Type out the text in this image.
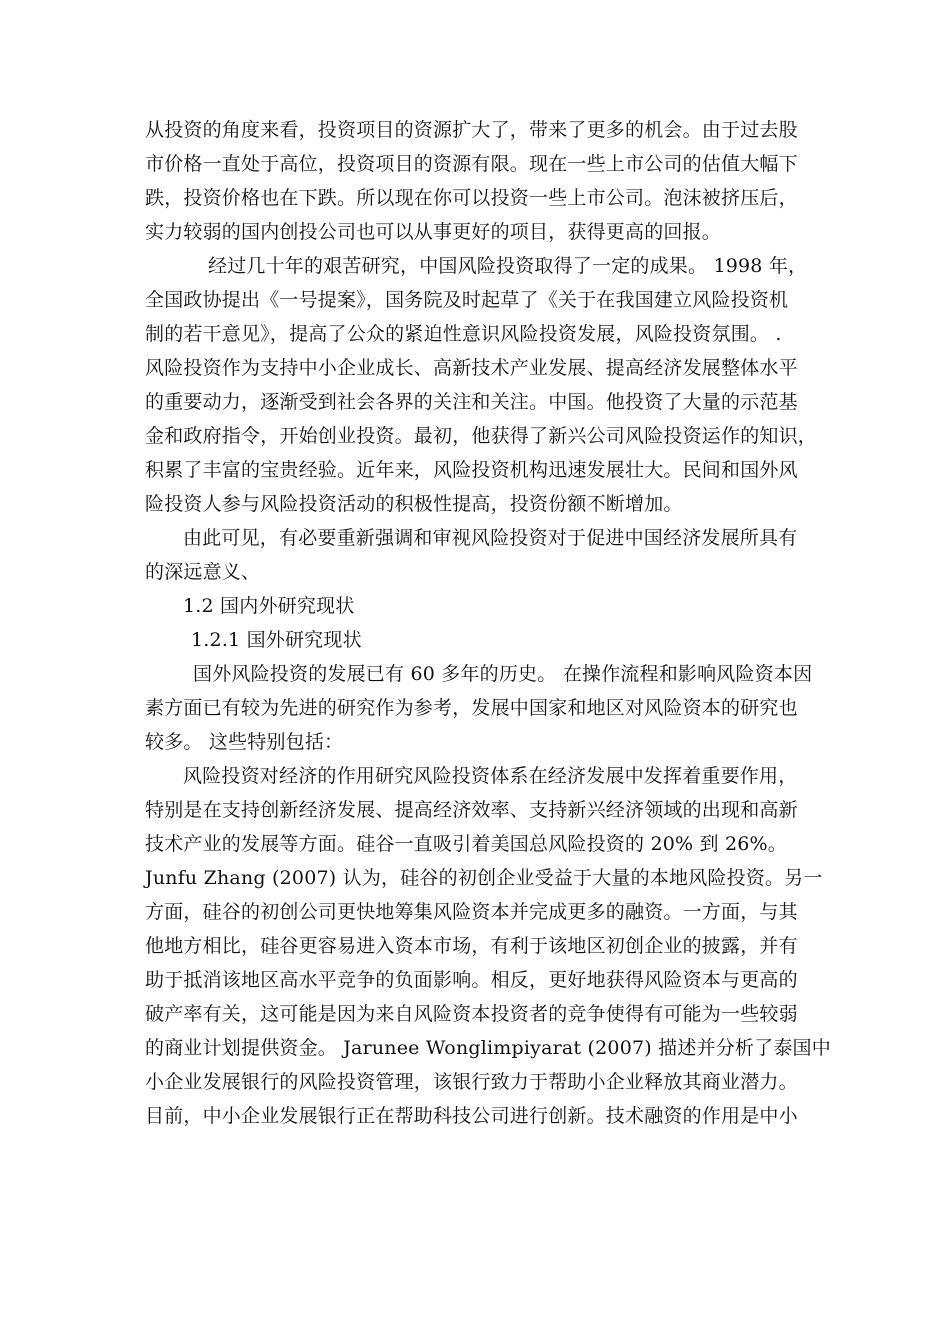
从投资的角度来看，投资项目的资源扩大了，带来了更多的机会。由于过去股
市价格一直处于高位，投资项目的资源有限。现在一些上市公司的估值大幅下
跌，投资价格也在下跌。所以现在你可以投资一些上市公司。泡沫被挤压后，
实力较弱的国内创投公司也可以从事更好的项目，获得更高的回报。
经过几十年的艰苦研究，中国风险投资取得了一定的成果。 1998 年，
全国政协提出《一号提案》，国务院及时起草了《关于在我国建立风险投资机
制的若干意见》，提高了公众的紧迫性意识风险投资发展，风险投资氛围。 .
风险投资作为支持中小企业成长、高新技术产业发展、提高经济发展整体水平
的重要动力，逐渐受到社会各界的关注和关注。中国。他投资了大量的示范基
金和政府指令，开始创业投资。最初，他获得了新兴公司风险投资运作的知识，
积累了丰富的宝贵经验。近年来，风险投资机构迅速发展壮大。民间和国外风
险投资人参与风险投资活动的积极性提高，投资份额不断增加。
由此可见，有必要重新强调和审视风险投资对于促进中国经济发展所具有
的深远意义、
1.2 国内外研究现状
1.2.1 国外研究现状
国外风险投资的发展已有 60 多年的历史。 在操作流程和影响风险资本因
素方面已有较为先进的研究作为参考，发展中国家和地区对风险资本的研究也
较多。 这些特别包括：
风险投资对经济的作用研究风险投资体系在经济发展中发挥着重要作用，
特别是在支持创新经济发展、提高经济效率、支持新兴经济领域的出现和高新
技术产业的发展等方面。硅谷一直吸引着美国总风险投资的 20% 到 26%。
Junfu Zhang (2007) 认为，硅谷的初创企业受益于大量的本地风险投资。另一
方面，硅谷的初创公司更快地筹集风险资本并完成更多的融资。一方面，与其
他地方相比，硅谷更容易进入资本市场，有利于该地区初创企业的披露，并有
助于抵消该地区高水平竞争的负面影响。相反，更好地获得风险资本与更高的
破产率有关，这可能是因为来自风险资本投资者的竞争使得有可能为一些较弱
的商业计划提供资金。 Jarunee Wonglimpiyarat (2007) 描述并分析了泰国中
小企业发展银行的风险投资管理，该银行致力于帮助小企业释放其商业潜力。
目前，中小企业发展银行正在帮助科技公司进行创新。技术融资的作用是中小
